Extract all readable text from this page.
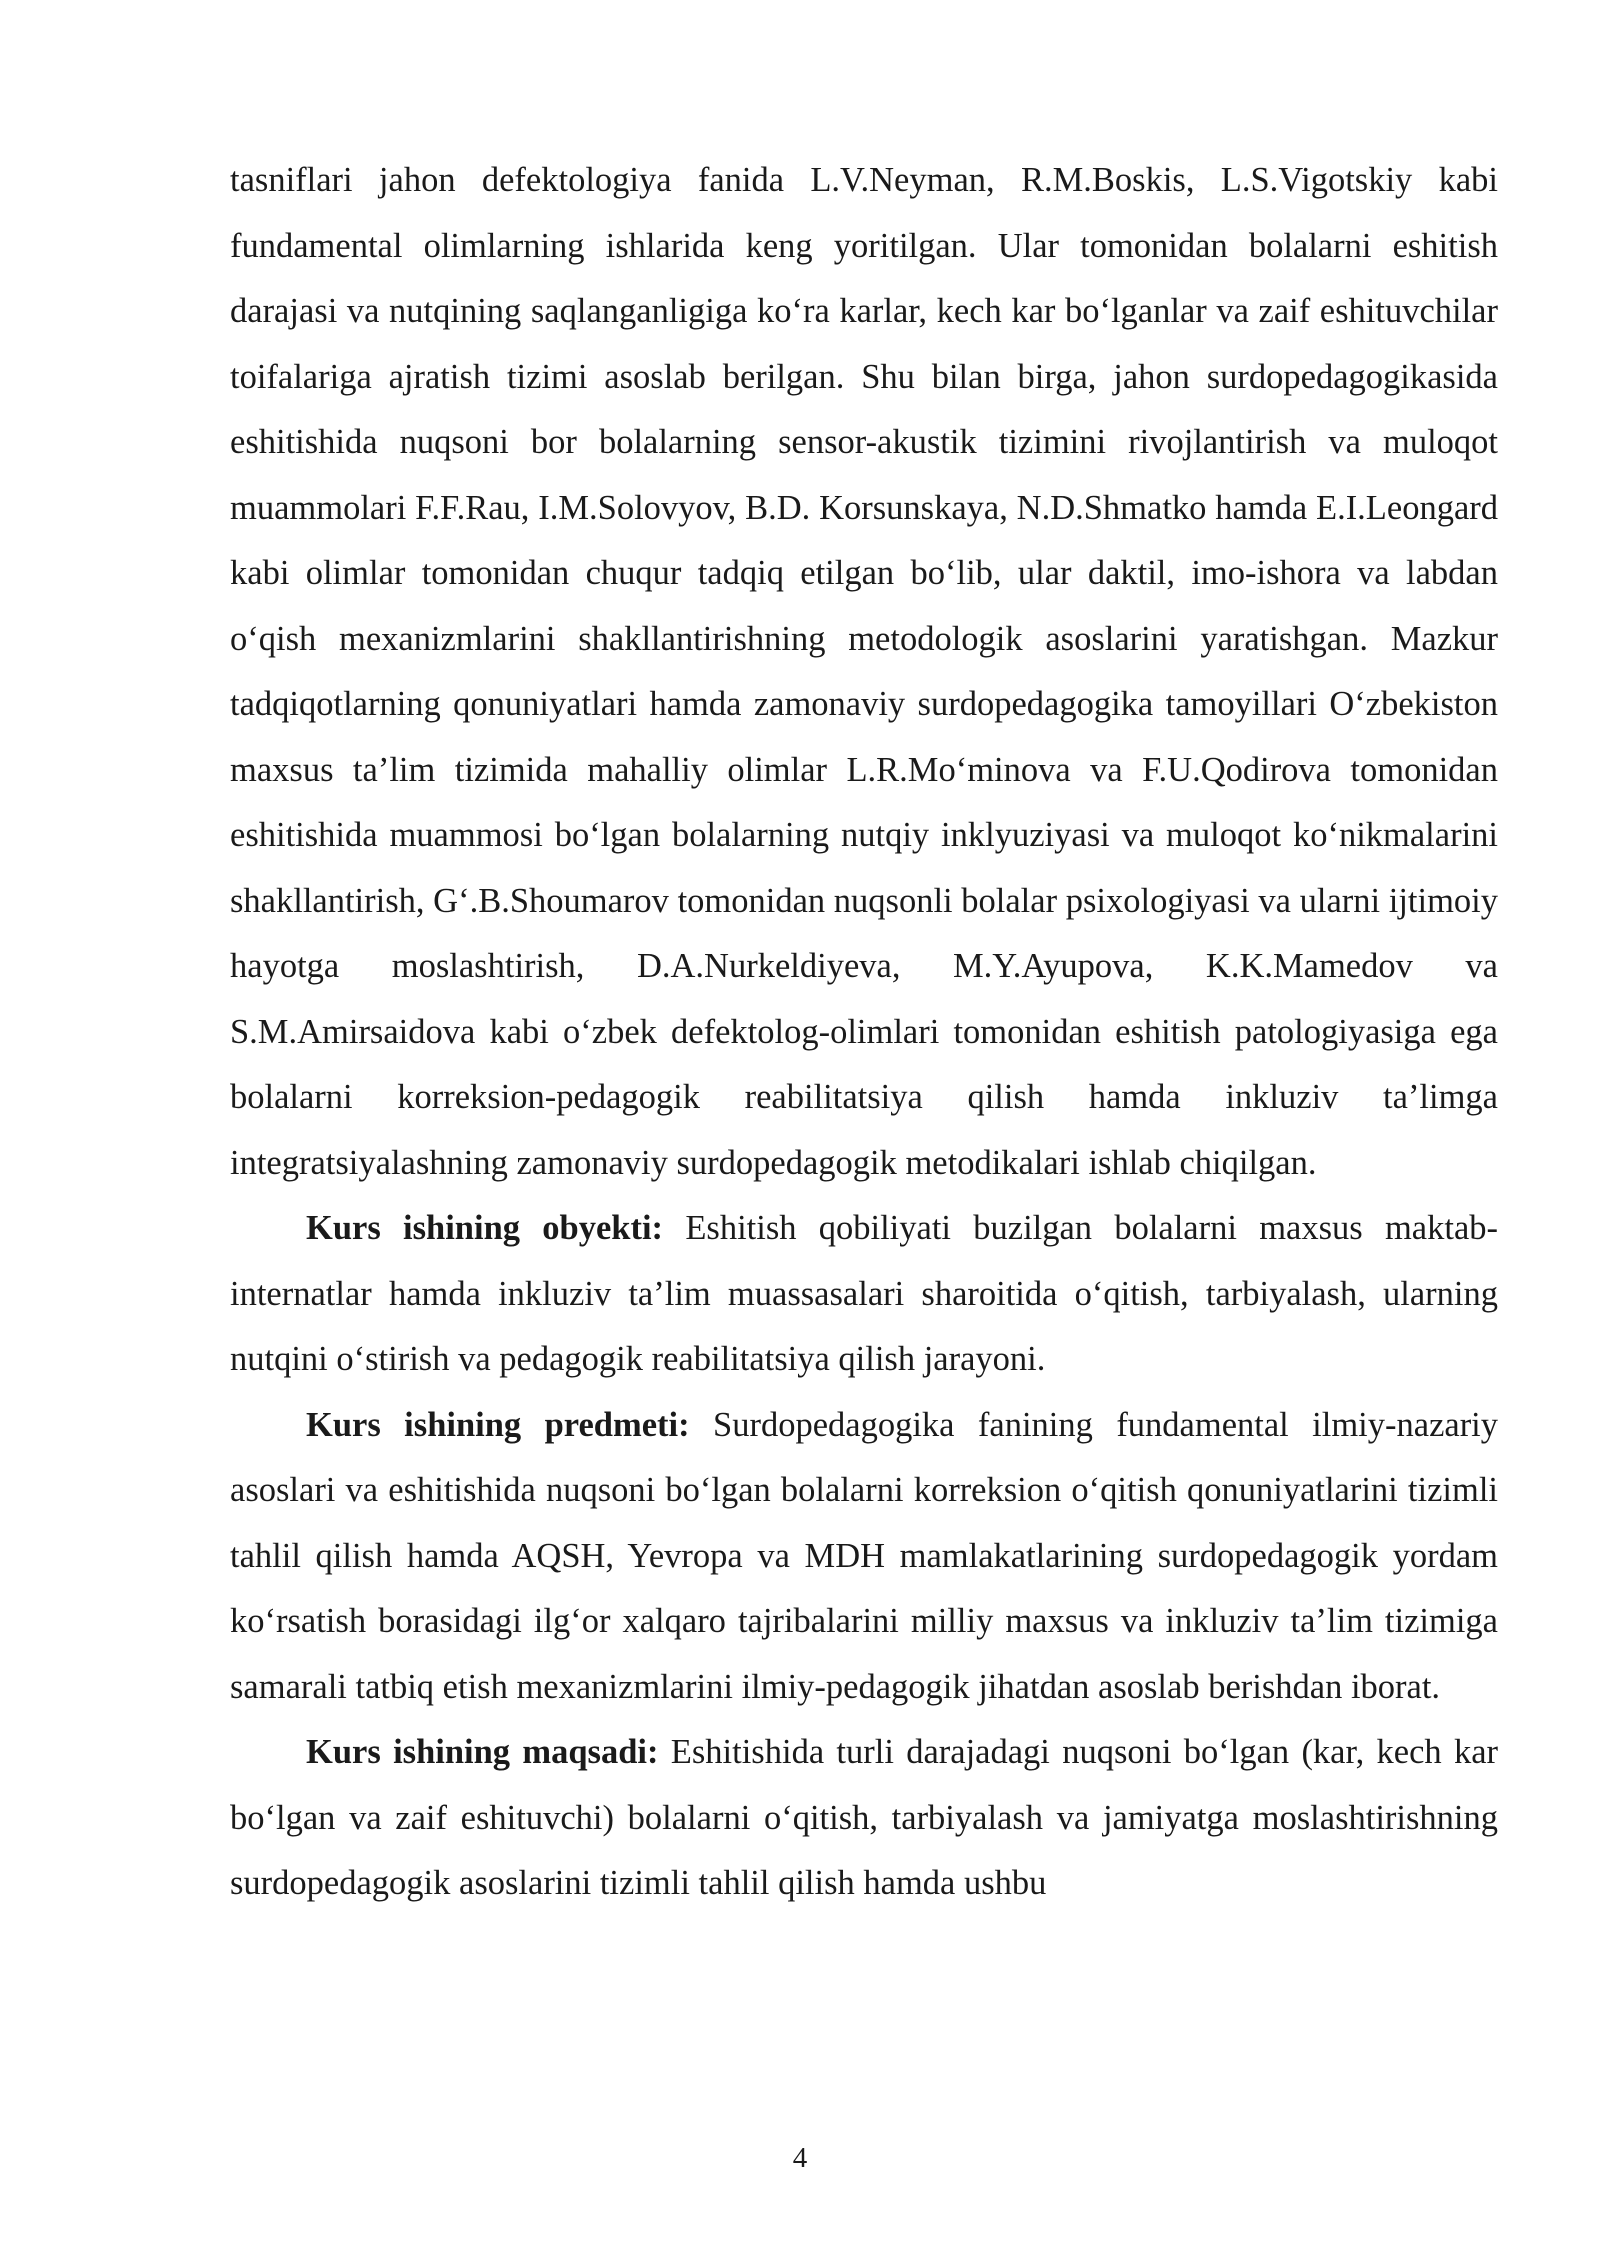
tasniflari jahon defektologiya fanida L.V.Neyman, R.M.Boskis, L.S.Vigotskiy kabi fundamental olimlarning ishlarida keng yoritilgan. Ular tomonidan bolalarni eshitish darajasi va nutqining saqlanganligiga ko‘ra karlar, kech kar bo‘lganlar va zaif eshituvchilar toifalariga ajratish tizimi asoslab berilgan. Shu bilan birga, jahon surdopedagogikasida eshitishida nuqsoni bor bolalarning sensor-akustik tizimini rivojlantirish va muloqot muammolari F.F.Rau, I.M.Solovyov, B.D. Korsunskaya, N.D.Shmatko hamda E.I.Leongard kabi olimlar tomonidan chuqur tadqiq etilgan bo‘lib, ular daktil, imo-ishora va labdan o‘qish mexanizmlarini shakllantirishning metodologik asoslarini yaratishgan. Mazkur tadqiqotlarning qonuniyatlari hamda zamonaviy surdopedagogika tamoyillari O‘zbekiston maxsus ta’lim tizimida mahalliy olimlar L.R.Mo‘minova va F.U.Qodirova tomonidan eshitishida muammosi bo‘lgan bolalarning nutqiy inklyuziyasi va muloqot ko‘nikmalarini shakllantirish, G‘.B.Shoumarov tomonidan nuqsonli bolalar psixologiyasi va ularni ijtimoiy hayotga moslashtirish, D.A.Nurkeldiyeva, M.Y.Ayupova, K.K.Mamedov va S.M.Amirsaidova kabi o‘zbek defektolog-olimlari tomonidan eshitish patologiyasiga ega bolalarni korreksion-pedagogik reabilitatsiya qilish hamda inkluziv ta’limga integratsiyalashning zamonaviy surdopedagogik metodikalari ishlab chiqilgan.

Kurs ishining obyekti: Eshitish qobiliyati buzilgan bolalarni maxsus maktab-internatlar hamda inkluziv ta’lim muassasalari sharoitida o‘qitish, tarbiyalash, ularning nutqini o‘stirish va pedagogik reabilitatsiya qilish jarayoni.

Kurs ishining predmeti: Surdopedagogika fanining fundamental ilmiy-nazariy asoslari va eshitishida nuqsoni bo‘lgan bolalarni korreksion o‘qitish qonuniyatlarini tizimli tahlil qilish hamda AQSH, Yevropa va MDH mamlakatlarining surdopedagogik yordam ko‘rsatish borasidagi ilg‘or xalqaro tajribalarini milliy maxsus va inkluziv ta’lim tizimiga samarali tatbiq etish mexanizmlarini ilmiy-pedagogik jihatdan asoslab berishdan iborat.

Kurs ishining maqsadi: Eshitishida turli darajadagi nuqsoni bo‘lgan (kar, kech kar bo‘lgan va zaif eshituvchi) bolalarni o‘qitish, tarbiyalash va jamiyatga moslashtirishning surdopedagogik asoslarini tizimli tahlil qilish hamda ushbu

4
